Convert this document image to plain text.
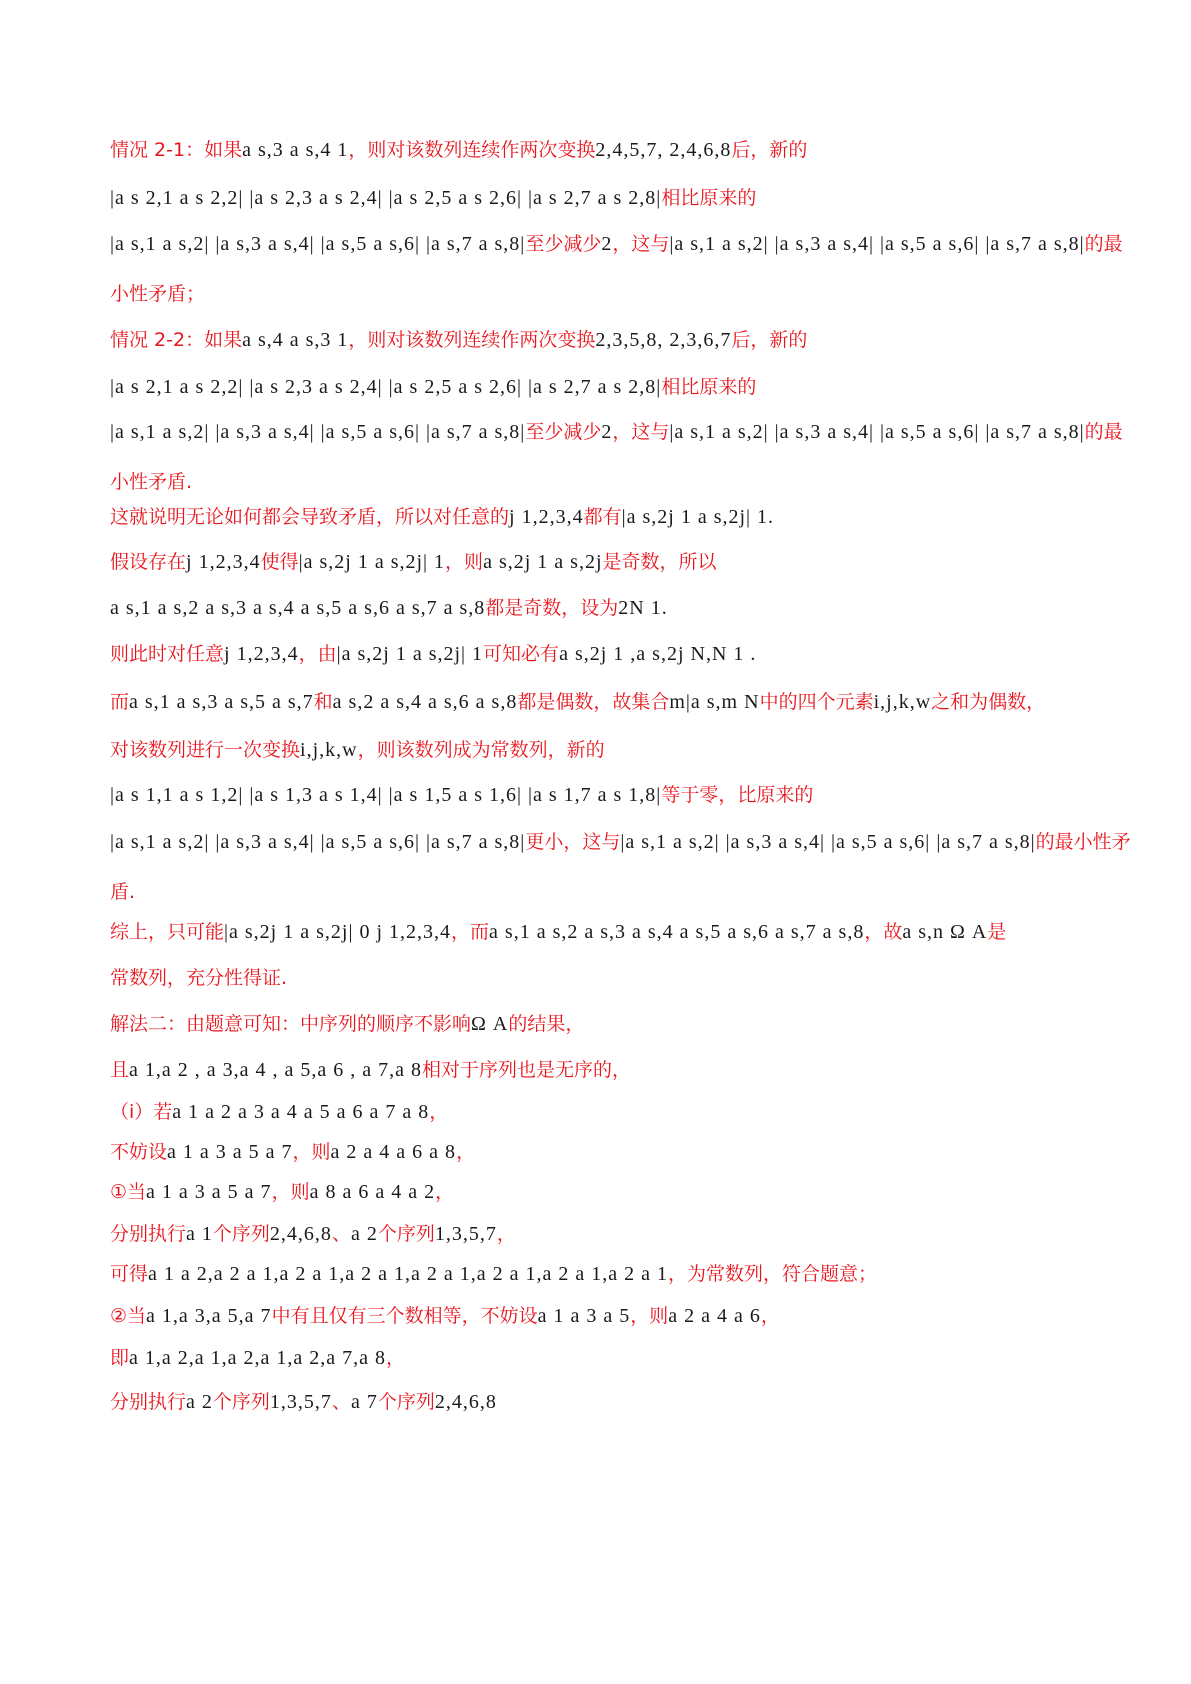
情况 2-1：如果a s,3 a s,4 1，则对该数列连续作两次变换2,4,5,7, 2,4,6,8后，新的
|a s 2,1 a s 2,2| |a s 2,3 a s 2,4| |a s 2,5 a s 2,6| |a s 2,7 a s 2,8|相比原来的
|a s,1 a s,2| |a s,3 a s,4| |a s,5 a s,6| |a s,7 a s,8|至少减少2，这与|a s,1 a s,2| |a s,3 a s,4| |a s,5 a s,6| |a s,7 a s,8|的最
小性矛盾；
情况 2-2：如果a s,4 a s,3 1，则对该数列连续作两次变换2,3,5,8, 2,3,6,7后，新的
|a s 2,1 a s 2,2| |a s 2,3 a s 2,4| |a s 2,5 a s 2,6| |a s 2,7 a s 2,8|相比原来的
|a s,1 a s,2| |a s,3 a s,4| |a s,5 a s,6| |a s,7 a s,8|至少减少2，这与|a s,1 a s,2| |a s,3 a s,4| |a s,5 a s,6| |a s,7 a s,8|的最
小性矛盾.
这就说明无论如何都会导致矛盾，所以对任意的j 1,2,3,4都有|a s,2j 1 a s,2j| 1.
假设存在j 1,2,3,4使得|a s,2j 1 a s,2j| 1，则a s,2j 1 a s,2j是奇数，所以
a s,1 a s,2 a s,3 a s,4 a s,5 a s,6 a s,7 a s,8都是奇数，设为2N 1.
则此时对任意j 1,2,3,4，由|a s,2j 1 a s,2j| 1可知必有a s,2j 1 ,a s,2j N,N 1 .
而a s,1 a s,3 a s,5 a s,7和a s,2 a s,4 a s,6 a s,8都是偶数，故集合m|a s,m N中的四个元素i,j,k,w之和为偶数，
对该数列进行一次变换i,j,k,w，则该数列成为常数列，新的
|a s 1,1 a s 1,2| |a s 1,3 a s 1,4| |a s 1,5 a s 1,6| |a s 1,7 a s 1,8|等于零，比原来的
|a s,1 a s,2| |a s,3 a s,4| |a s,5 a s,6| |a s,7 a s,8|更小，这与|a s,1 a s,2| |a s,3 a s,4| |a s,5 a s,6| |a s,7 a s,8|的最小性矛
盾.
综上，只可能|a s,2j 1 a s,2j| 0 j 1,2,3,4，而a s,1 a s,2 a s,3 a s,4 a s,5 a s,6 a s,7 a s,8，故a s,n Ω A是
常数列，充分性得证.
解法二：由题意可知：中序列的顺序不影响Ω A的结果，
且a 1,a 2 , a 3,a 4 , a 5,a 6 , a 7,a 8相对于序列也是无序的，
（ⅰ）若a 1 a 2 a 3 a 4 a 5 a 6 a 7 a 8，
不妨设a 1 a 3 a 5 a 7，则a 2 a 4 a 6 a 8，
①当a 1 a 3 a 5 a 7，则a 8 a 6 a 4 a 2，
分别执行a 1个序列2,4,6,8、a 2个序列1,3,5,7，
可得a 1 a 2,a 2 a 1,a 2 a 1,a 2 a 1,a 2 a 1,a 2 a 1,a 2 a 1,a 2 a 1，为常数列，符合题意；
②当a 1,a 3,a 5,a 7中有且仅有三个数相等，不妨设a 1 a 3 a 5，则a 2 a 4 a 6，
即a 1,a 2,a 1,a 2,a 1,a 2,a 7,a 8，
分别执行a 2个序列1,3,5,7、a 7个序列2,4,6,8
